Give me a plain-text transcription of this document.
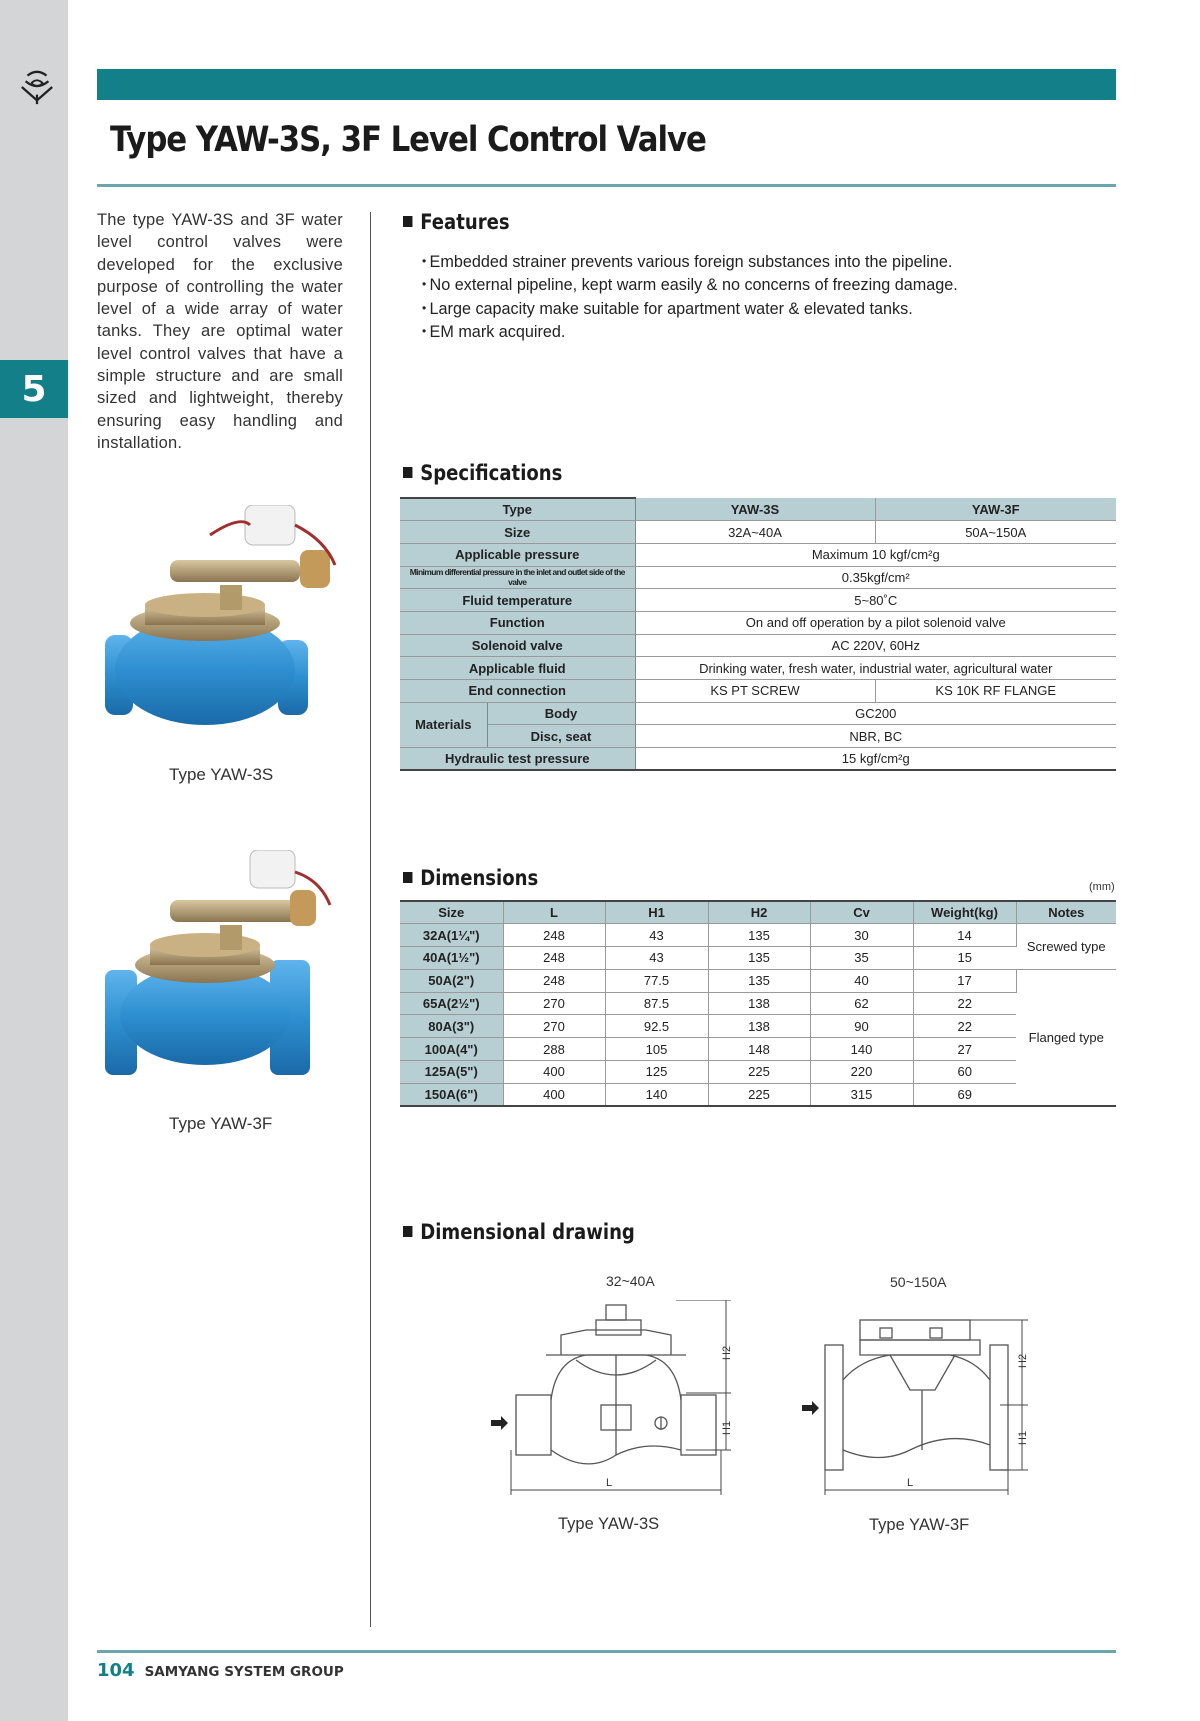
5
Type YAW-3S, 3F Level Control Valve

The type YAW-3S and 3F water level control valves were developed for the exclusive purpose of controlling the water level of a wide array of water tanks. They are optimal water level control valves that have a simple structure and are small sized and lightweight, thereby ensuring easy handling and installation.

Type YAW-3S
Type YAW-3F
Features
• Embedded strainer prevents various foreign substances into the pipeline.
• No external pipeline, kept warm easily & no concerns of freezing damage.
• Large capacity make suitable for apartment water & elevated tanks.
• EM mark acquired.
Specifications
Type		YAW-3S	YAW-3F
Size		32A~40A	50A~150A
Applicable pressure		Maximum 10 kgf/cm²g	
Minimum differential pressure in the inlet and outlet side of the valve		0.35kgf/cm²	
Fluid temperature		5~80˚C	
Function		On and off operation by a pilot solenoid valve	
Solenoid valve		AC 220V, 60Hz	
Applicable fluid		Drinking water, fresh water, industrial water, agricultural water	
End connection		KS PT SCREW	KS 10K RF FLANGE
Materials	Body	GC200	
	Disc, seat	NBR, BC	
Hydraulic test pressure		15 kgf/cm²g	
Dimensions	(mm)
Size	L	H1	H2	Cv	Weight(kg)	Notes
32A(1¼")	248	43	135	30	14	Screwed type
40A(1½")	248	43	135	35	15	
50A(2")	248	77.5	135	40	17	Flanged type
65A(2½")	270	87.5	138	62	22	
80A(3")	270	92.5	138	90	22	
100A(4")	288	105	148	140	27	
125A(5")	400	125	225	220	60	
150A(6")	400	140	225	315	69	
Dimensional drawing
32~40A	50~150A
H2
H1
L
H2
H1
L
Type YAW-3S	Type YAW-3F
104 SAMYANG SYSTEM GROUP
